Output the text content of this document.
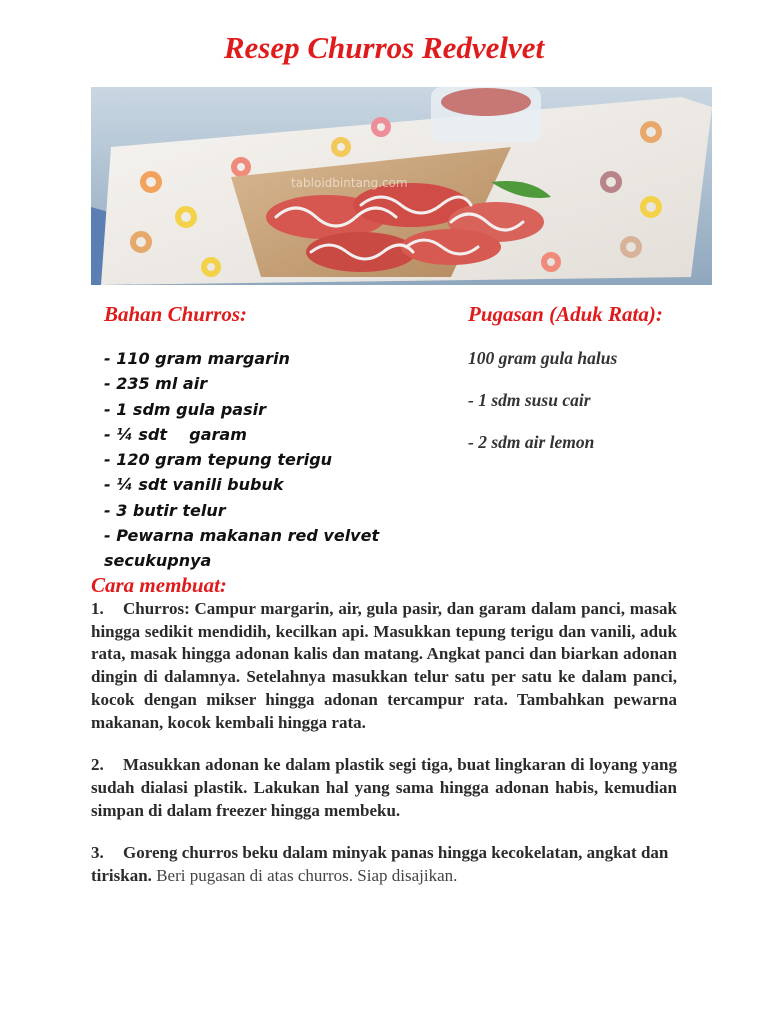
Resep Churros Redvelvet
tabloidbintang.com
Bahan Churros:
- 110 gram margarin
- 235 ml air
- 1 sdm gula pasir
- ¼ sdt    garam
- 120 gram tepung terigu
- ¼ sdt vanili bubuk
- 3 butir telur
- Pewarna makanan red velvet
secukupnya
Pugasan (Aduk Rata):
100 gram gula halus
- 1 sdm susu cair
- 2 sdm air lemon
Cara membuat:

1. Churros: Campur margarin, air, gula pasir, dan garam dalam panci, masak hingga sedikit mendidih, kecilkan api. Masukkan tepung terigu dan vanili, aduk rata, masak hingga adonan kalis dan matang. Angkat panci dan biarkan adonan dingin di dalamnya. Setelahnya masukkan telur satu per satu ke dalam panci, kocok dengan mikser hingga adonan tercampur rata. Tambahkan pewarna makanan, kocok kembali hingga rata.

2. Masukkan adonan ke dalam plastik segi tiga, buat lingkaran di loyang yang sudah dialasi plastik. Lakukan hal yang sama hingga adonan habis, kemudian simpan di dalam freezer hingga membeku.

3. Goreng churros beku dalam minyak panas hingga kecokelatan, angkat dan tiriskan. Beri pugasan di atas churros. Siap disajikan.
